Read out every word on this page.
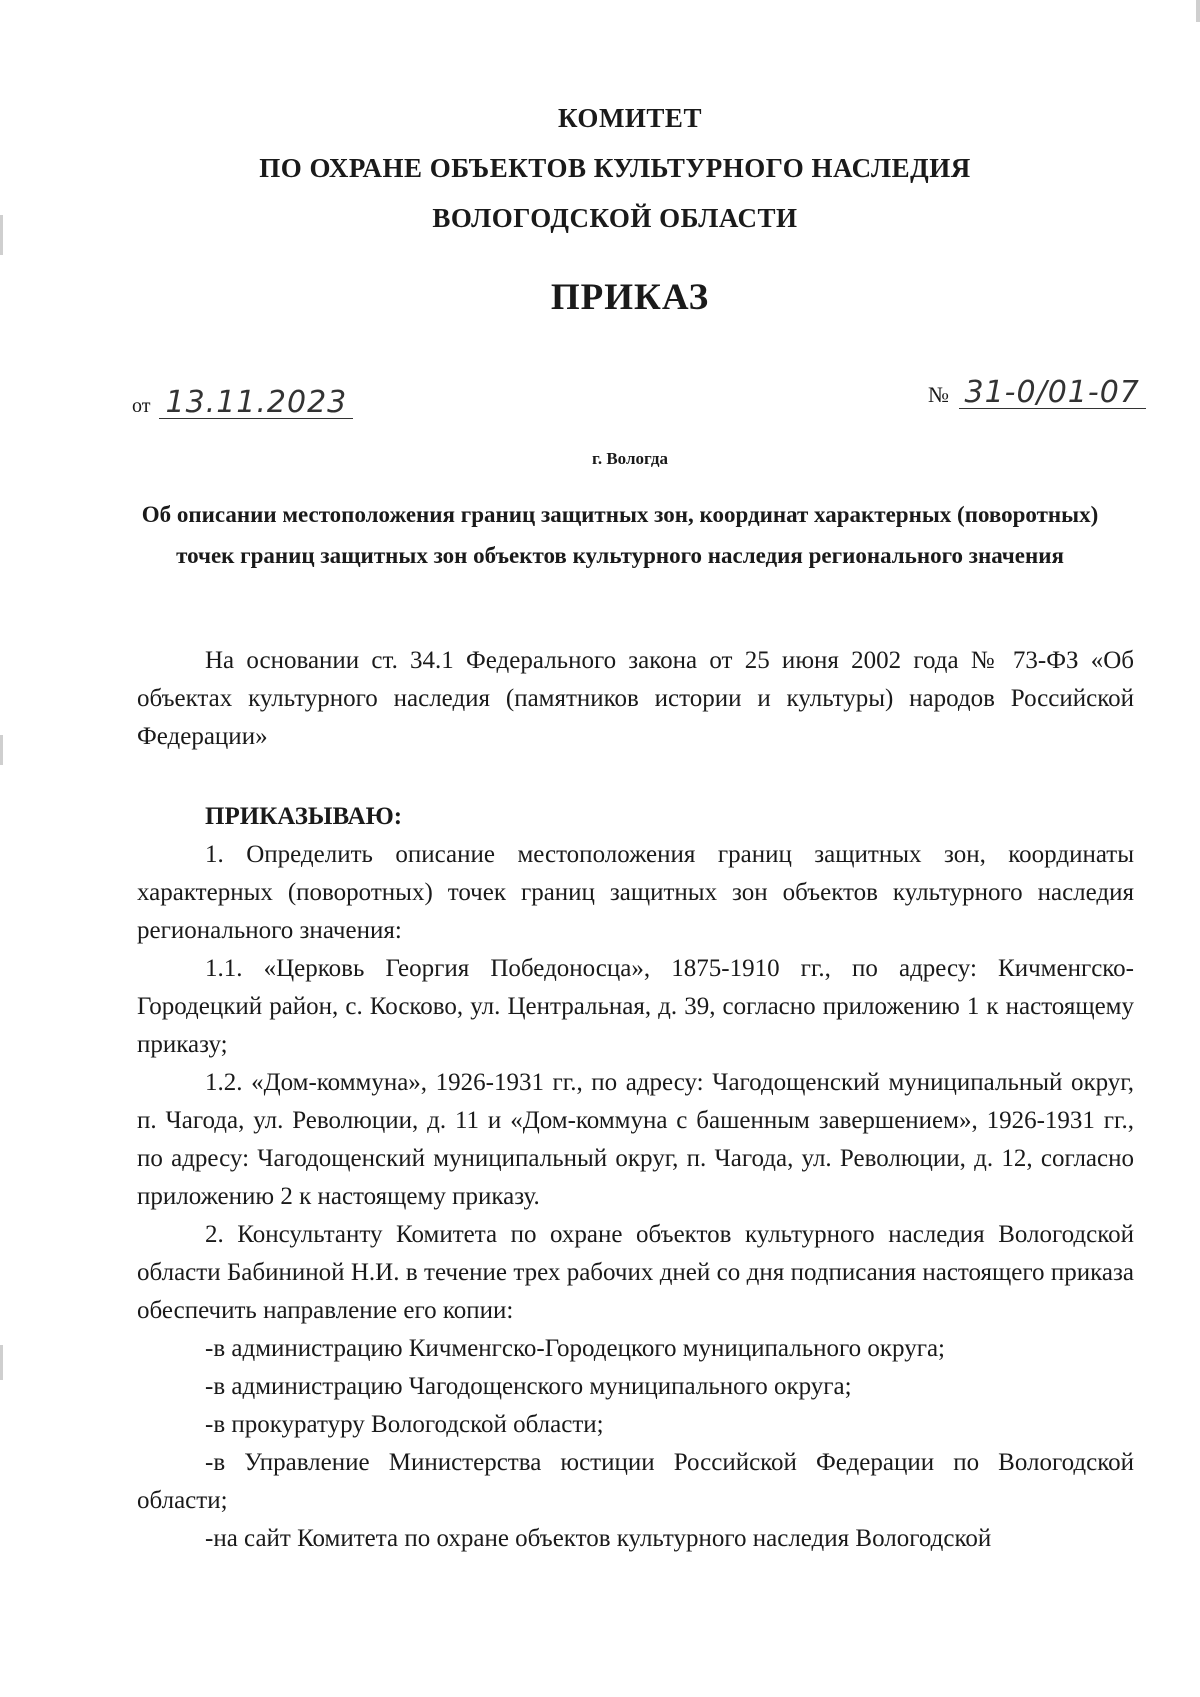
КОМИТЕТ
ПО ОХРАНЕ ОБЪЕКТОВ КУЛЬТУРНОГО НАСЛЕДИЯ
ВОЛОГОДСКОЙ ОБЛАСТИ
ПРИКАЗ
от 13.11.2023	№ 31-0/01-07
г. Вологда
Об описании местоположения границ защитных зон, координат характерных (поворотных) точек границ защитных зон объектов культурного наследия регионального значения

На основании ст. 34.1 Федерального закона от 25 июня 2002 года № 73-ФЗ «Об объектах культурного наследия (памятников истории и культуры) народов Российской Федерации»

ПРИКАЗЫВАЮ:

1. Определить описание местоположения границ защитных зон, координаты характерных (поворотных) точек границ защитных зон объектов культурного наследия регионального значения:

1.1. «Церковь Георгия Победоносца», 1875-1910 гг., по адресу: Кичменгско-Городецкий район, с. Косково, ул. Центральная, д. 39, согласно приложению 1 к настоящему приказу;

1.2. «Дом-коммуна», 1926-1931 гг., по адресу: Чагодощенский муниципальный округ, п. Чагода, ул. Революции, д. 11 и «Дом-коммуна с башенным завершением», 1926-1931 гг., по адресу: Чагодощенский муниципальный округ, п. Чагода, ул. Революции, д. 12, согласно приложению 2 к настоящему приказу.

2. Консультанту Комитета по охране объектов культурного наследия Вологодской области Бабининой Н.И. в течение трех рабочих дней со дня подписания настоящего приказа обеспечить направление его копии:

-в администрацию Кичменгско-Городецкого муниципального округа;

-в администрацию Чагодощенского муниципального округа;

-в прокуратуру Вологодской области;

-в Управление Министерства юстиции Российской Федерации по Вологодской области;

-на сайт Комитета по охране объектов культурного наследия Вологодской
